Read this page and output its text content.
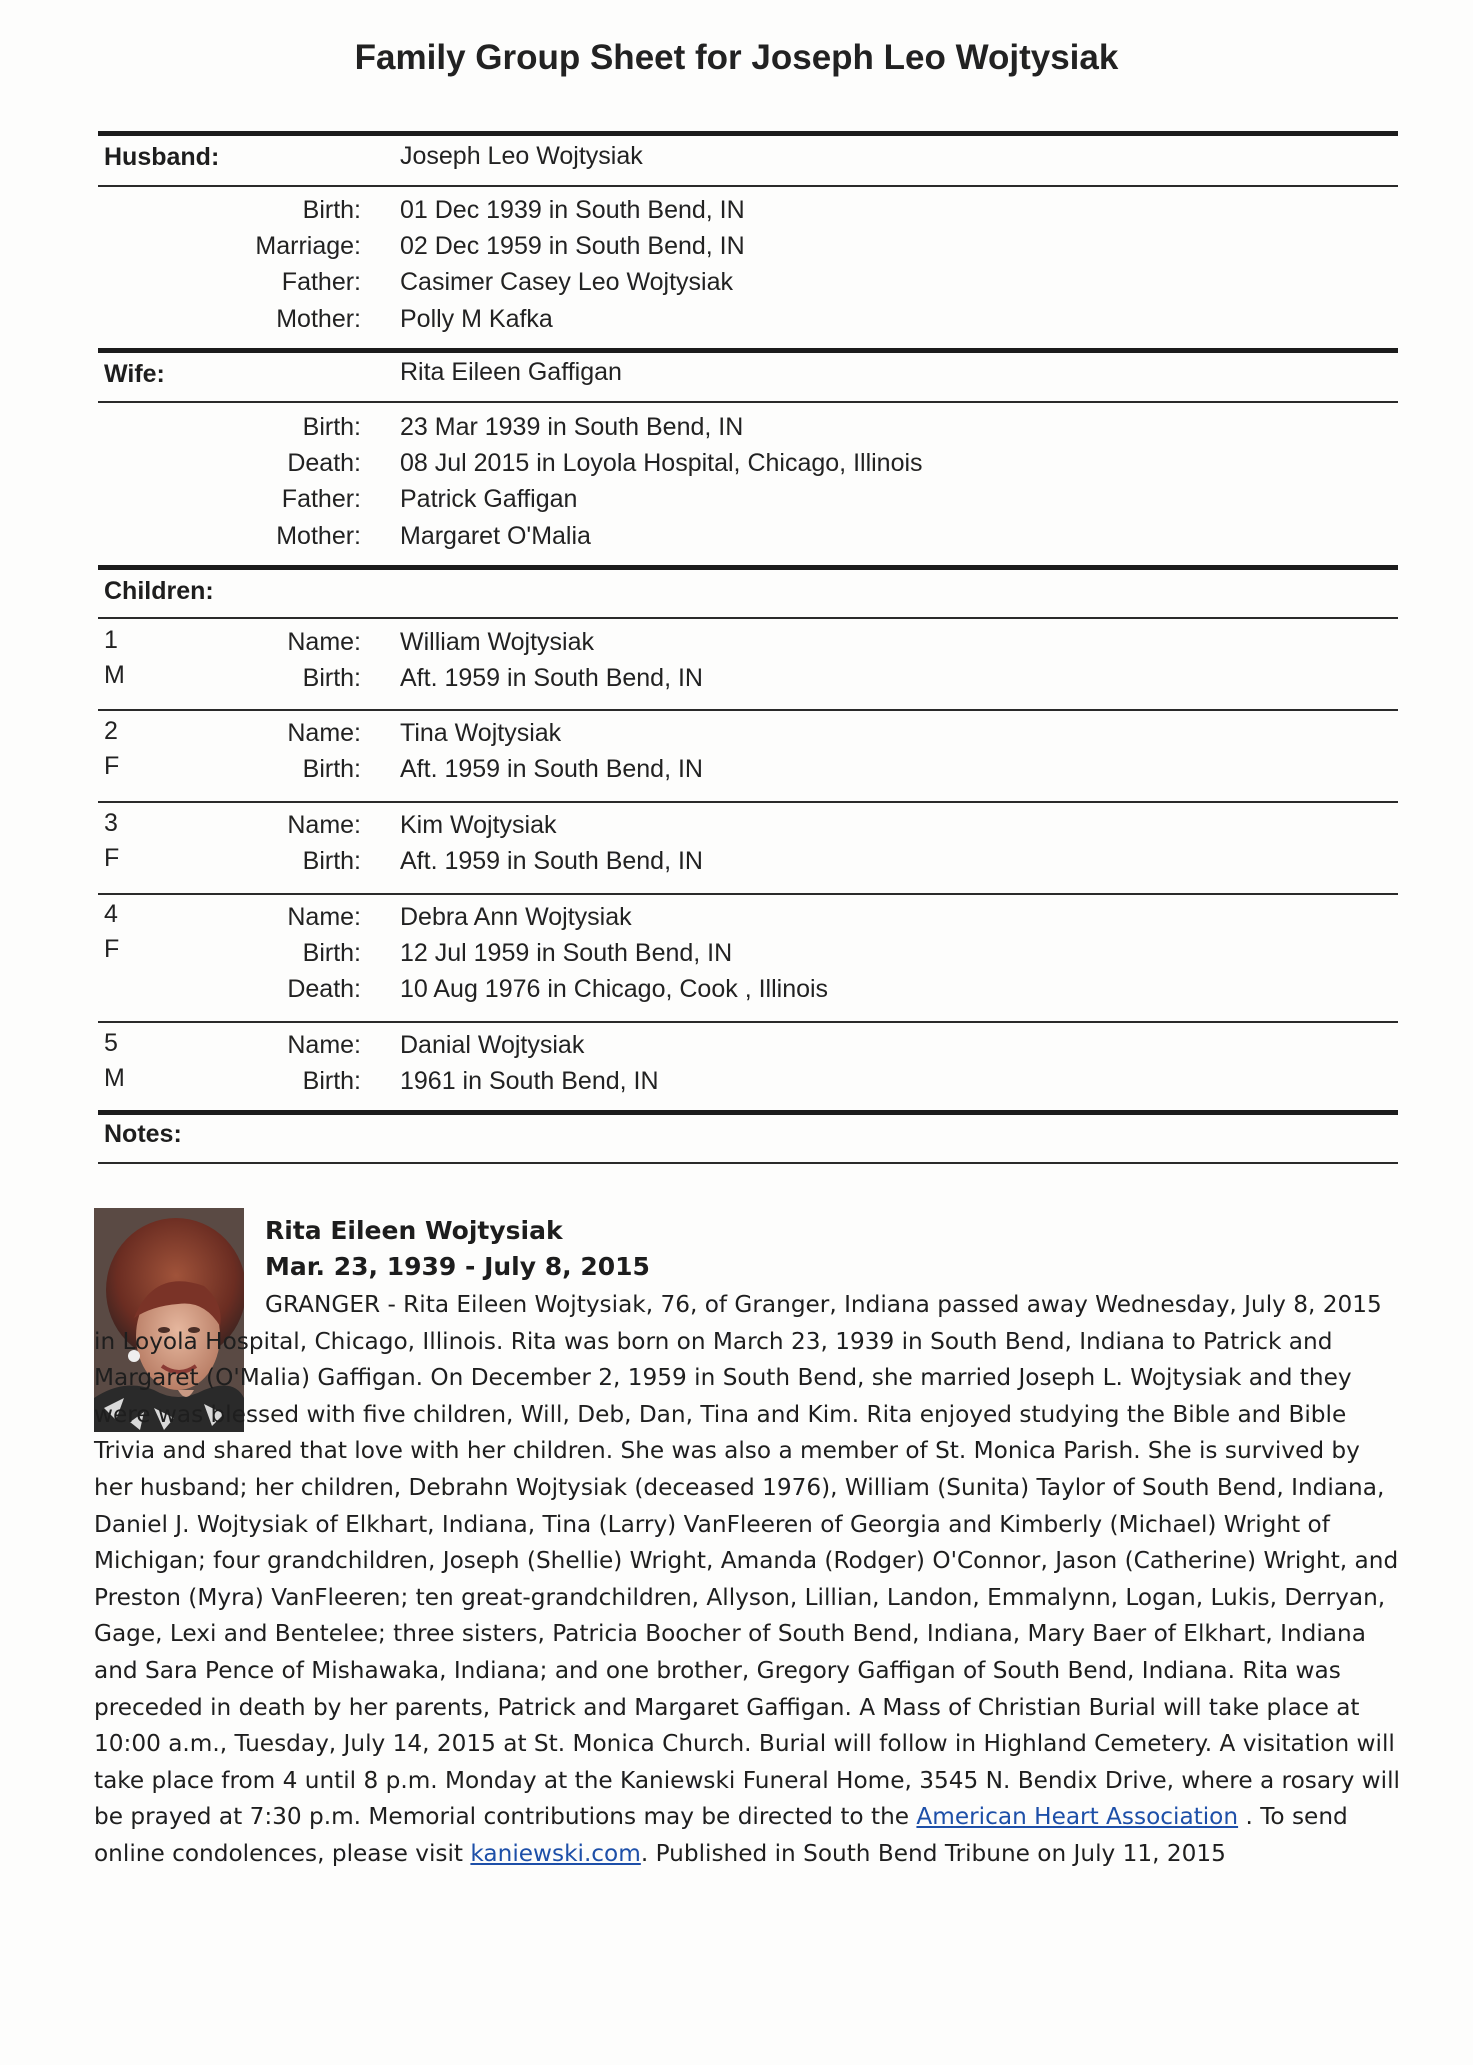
Family Group Sheet for Joseph Leo Wojtysiak
Husband:	Joseph Leo Wojtysiak
Birth: 01 Dec 1939 in South Bend, IN
Marriage: 02 Dec 1959 in South Bend, IN
Father: Casimer Casey Leo Wojtysiak
Mother: Polly M Kafka
Wife:	Rita Eileen Gaffigan
Birth: 23 Mar 1939 in South Bend, IN
Death: 08 Jul 2015 in Loyola Hospital, Chicago, Illinois
Father: Patrick Gaffigan
Mother: Margaret O'Malia
Children:
1
M
Name: William Wojtysiak
Birth: Aft. 1959 in South Bend, IN
2
F
Name: Tina Wojtysiak
Birth: Aft. 1959 in South Bend, IN
3
F
Name: Kim Wojtysiak
Birth: Aft. 1959 in South Bend, IN
4
F
Name: Debra Ann Wojtysiak
Birth: 12 Jul 1959 in South Bend, IN
Death: 10 Aug 1976 in Chicago, Cook , Illinois
5
M
Name: Danial Wojtysiak
Birth: 1961 in South Bend, IN
Notes:
Rita Eileen Wojtysiak
Mar. 23, 1939 - July 8, 2015
GRANGER - Rita Eileen Wojtysiak, 76, of Granger, Indiana passed away Wednesday, July 8, 2015 in Loyola Hospital, Chicago, Illinois. Rita was born on March 23, 1939 in South Bend, Indiana to Patrick and Margaret (O'Malia) Gaffigan. On December 2, 1959 in South Bend, she married Joseph L. Wojtysiak and they were was blessed with five children, Will, Deb, Dan, Tina and Kim. Rita enjoyed studying the Bible and Bible Trivia and shared that love with her children. She was also a member of St. Monica Parish. She is survived by her husband; her children, Debrahn Wojtysiak (deceased 1976), William (Sunita) Taylor of South Bend, Indiana, Daniel J. Wojtysiak of Elkhart, Indiana, Tina (Larry) VanFleeren of Georgia and Kimberly (Michael) Wright of Michigan; four grandchildren, Joseph (Shellie) Wright, Amanda (Rodger) O'Connor, Jason (Catherine) Wright, and Preston (Myra) VanFleeren; ten great-grandchildren, Allyson, Lillian, Landon, Emmalynn, Logan, Lukis, Derryan, Gage, Lexi and Bentelee; three sisters, Patricia Boocher of South Bend, Indiana, Mary Baer of Elkhart, Indiana and Sara Pence of Mishawaka, Indiana; and one brother, Gregory Gaffigan of South Bend, Indiana. Rita was preceded in death by her parents, Patrick and Margaret Gaffigan. A Mass of Christian Burial will take place at 10:00 a.m., Tuesday, July 14, 2015 at St. Monica Church. Burial will follow in Highland Cemetery. A visitation will take place from 4 until 8 p.m. Monday at the Kaniewski Funeral Home, 3545 N. Bendix Drive, where a rosary will be prayed at 7:30 p.m. Memorial contributions may be directed to the American Heart Association . To send online condolences, please visit kaniewski.com. Published in South Bend Tribune on July 11, 2015
